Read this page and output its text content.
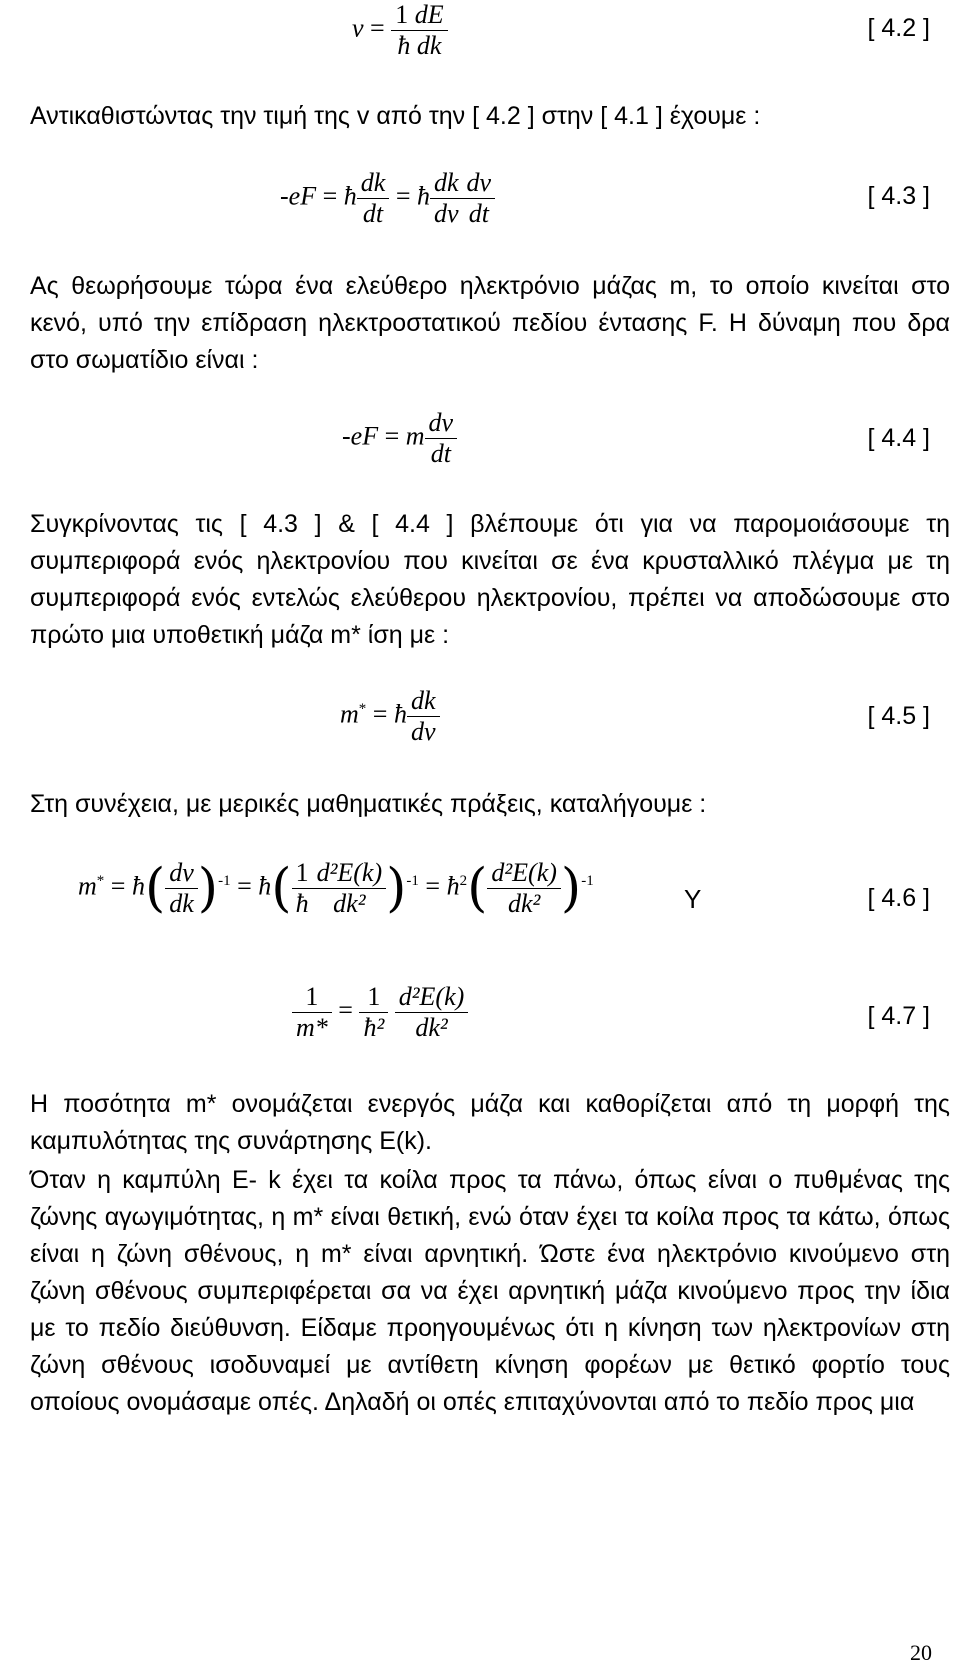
$v = \frac{1 dE}{\text{ħ dk}}$	[ 4.2 ]
Αντικαθιστώντας την τιμή της v από την [ 4.2 ] στην [ 4.1 ] έχουμε :
-eF = ħ $\frac{dk}{dt}$ = ħ $\frac{dk}{dv} \frac{dv}{dt}$	[ 4.3 ]
Ας θεωρήσουμε τώρα ένα ελεύθερο ηλεκτρόνιο μάζας m, το οποίο κινείται στο κενό, υπό την επίδραση ηλεκτροστατικού πεδίου έντασης F. Η δύναμη που δρα στο σωματίδιο είναι :
-eF = m $\frac{dv}{dt}$	[ 4.4 ]
Συγκρίνοντας τις [ 4.3 ] & [ 4.4 ] βλέπουμε ότι για να παρομοιάσουμε τη συμπεριφορά ενός ηλεκτρονίου που κινείται σε ένα κρυσταλλικό πλέγμα με τη συμπεριφορά ενός εντελώς ελεύθερου ηλεκτρονίου, πρέπει να αποδώσουμε στο πρώτο μια υποθετική μάζα m* ίση με :
m* = ħ $\frac{dk}{dv}$	[ 4.5 ]
Στη συνέχεια, με μερικές μαθηματικές πράξεις, καταλήγουμε :
m* = ħ( $\frac{dv}{dk} )^{-1}$ = ħ( $\frac{1}{ħ} \frac{\text{d²E(k)}}{\text{dk²}} )^{-1}$ = $ħ^2( \frac{\text{d²E(k)}}{\text{dk²}} )^{-1}$
Υ	[ 4.6 ]
$\frac{1}{m*} = \frac{1}{\text{ħ²}}$
$\frac{\text{d²E(k)}}{\text{dk²}}$	[ 4.7 ]
Η ποσότητα m* ονομάζεται ενεργός μάζα και καθορίζεται από τη μορφή της καμπυλότητας της συνάρτησης E(k).
Όταν η καμπύλη E- k έχει τα κοίλα προς τα πάνω, όπως είναι ο πυθμένας της ζώνης αγωγιμότητας, η m* είναι θετική, ενώ όταν έχει τα κοίλα προς τα κάτω, όπως είναι η ζώνη σθένους, η m* είναι αρνητική. Ώστε ένα ηλεκτρόνιο κινούμενο στη ζώνη σθένους συμπεριφέρεται σα να έχει αρνητική μάζα κινούμενο προς την ίδια με το πεδίο διεύθυνση. Είδαμε προηγουμένως ότι η κίνηση των ηλεκτρονίων στη ζώνη σθένους ισοδυναμεί με αντίθετη κίνηση φορέων με θετικό φορτίο τους οποίους ονομάσαμε οπές. Δηλαδή οι οπές επιταχύνονται από το πεδίο προς μια
20
